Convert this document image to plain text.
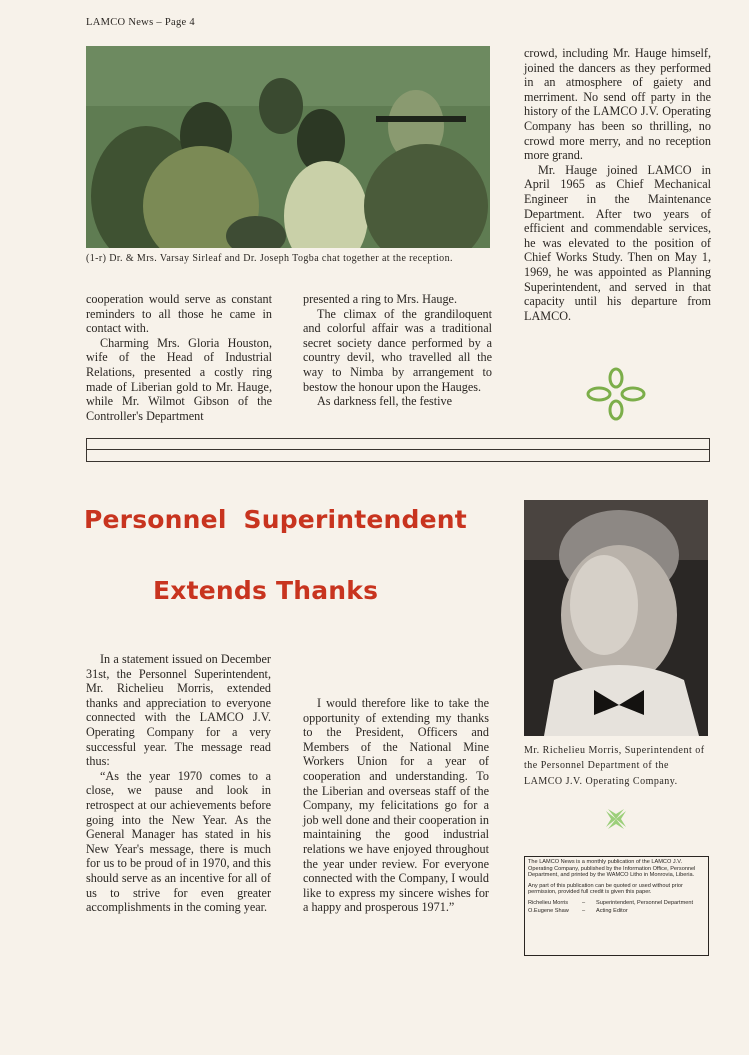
LAMCO News – Page 4
(1-r) Dr. & Mrs. Varsay Sirleaf and Dr. Joseph Togba chat together at the reception.

cooperation would serve as constant reminders to all those he came in contact with.

Charming Mrs. Gloria Houston, wife of the Head of Industrial Relations, presented a costly ring made of Liberian gold to Mr. Hauge, while Mr. Wilmot Gibson of the Controller's Department

presented a ring to Mrs. Hauge.

The climax of the grandiloquent and colorful affair was a traditional secret society dance performed by a country devil, who travelled all the way to Nimba by arrangement to bestow the honour upon the Hauges.

As darkness fell, the festive

crowd, including Mr. Hauge himself, joined the dancers as they performed in an atmosphere of gaiety and merriment. No send off party in the history of the LAMCO J.V. Operating Company has been so thrilling, no crowd more merry, and no reception more grand.

Mr. Hauge joined LAMCO in April 1965 as Chief Mechanical Engineer in the Maintenance Department. After two years of efficient and commendable services, he was elevated to the position of Chief Works Study. Then on May 1, 1969, he was appointed as Planning Superintendent, and served in that capacity until his departure from LAMCO.

Personnel Superintendent
Extends Thanks

In a statement issued on December 31st, the Personnel Superintendent, Mr. Richelieu Morris, extended thanks and appreciation to everyone connected with the LAMCO J.V. Operating Company for a very successful year. The message read thus:

“As the year 1970 comes to a close, we pause and look in retrospect at our achievements before going into the New Year. As the General Manager has stated in his New Year's message, there is much for us to be proud of in 1970, and this should serve as an incentive for all of us to strive for even greater accomplishments in the coming year.

I would therefore like to take the opportunity of extending my thanks to the President, Officers and Members of the National Mine Workers Union for a year of cooperation and understanding. To the Liberian and overseas staff of the Company, my felicitations go for a job well done and their cooperation in maintaining the good industrial relations we have enjoyed throughout the year under review. For everyone connected with the Company, I would like to express my sincere wishes for a happy and prosperous 1971.”

Mr. Richelieu Morris, Superintendent of the Personnel Department of the LAMCO J.V. Operating Company.

The LAMCO News is a monthly publication of the LAMCO J.V. Operating Company, published by the Information Office, Personnel Department, and printed by the WAMCO Litho in Monrovia, Liberia.

Any part of this publication can be quoted or used without prior permission, provided full credit is given this paper.

Richelieu Morris	–	Superintendent, Personnel Department
O.Eugene Shaw	–	Acting Editor
